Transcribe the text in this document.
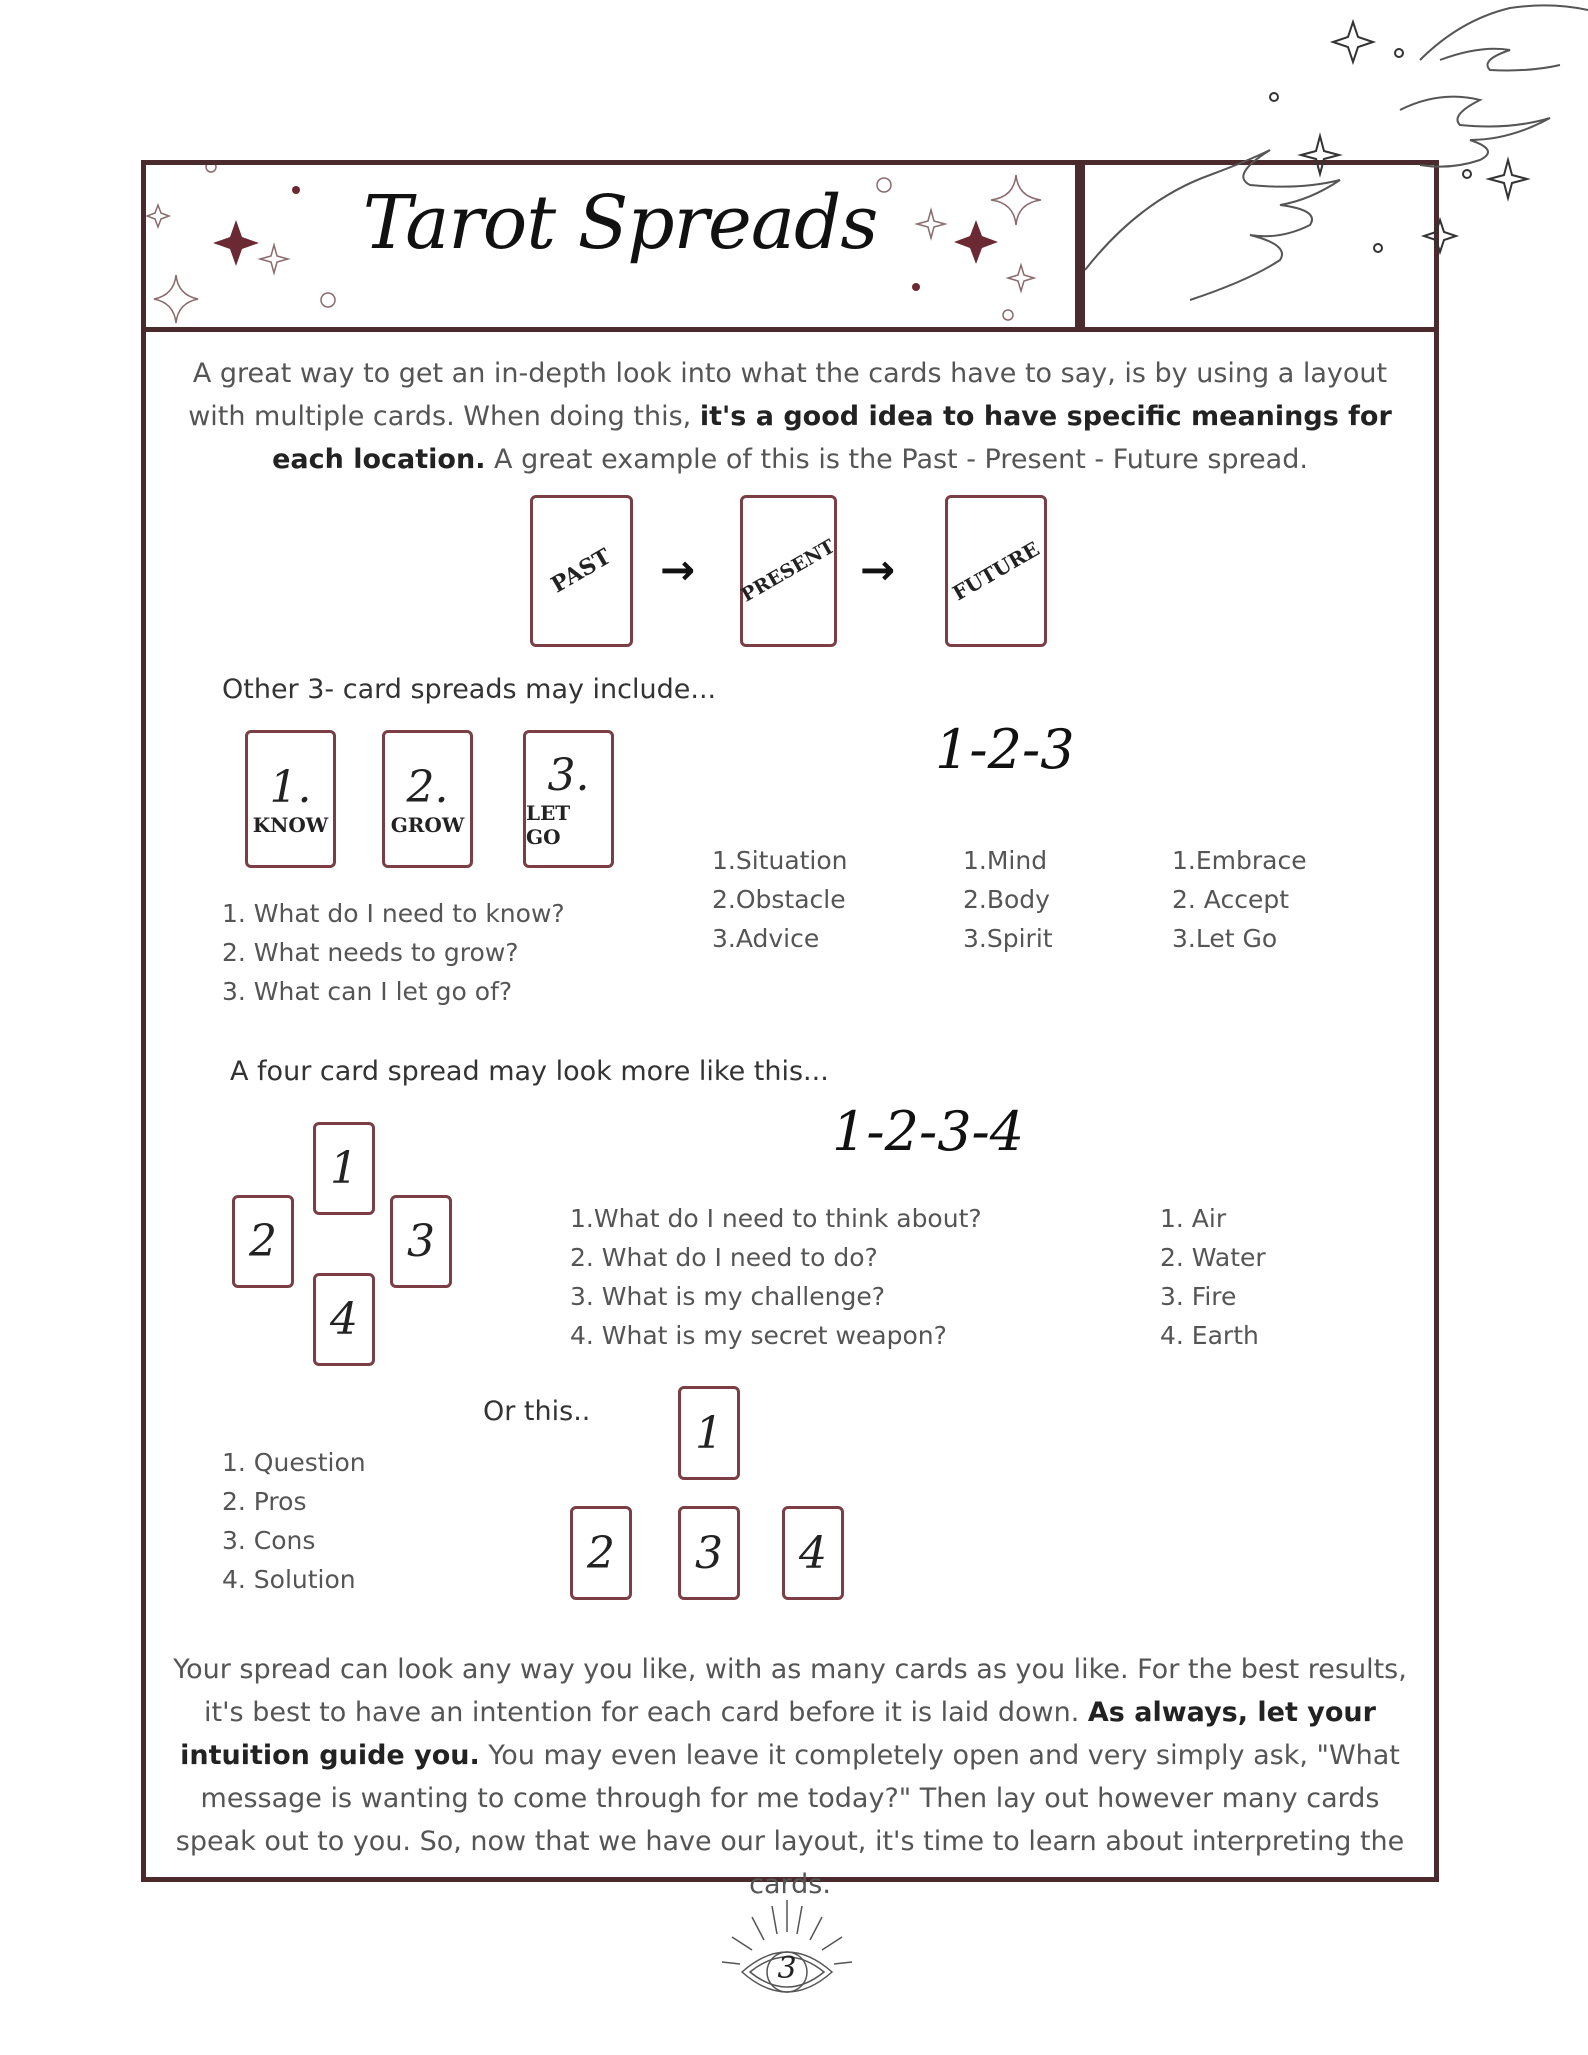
Tarot Spreads
A great way to get an in-depth look into what the cards have to say, is by using a layout with multiple cards. When doing this, it's a good idea to have specific meanings for each location. A great example of this is the Past - Present - Future spread.
PAST → PRESENT →	FUTURE
Other 3- card spreads may include...
1.
KNOW
2.
GROW
3.
LET GO
1. What do I need to know?
2. What needs to grow?
3. What can I let go of?
1-2-3
1.Situation
2.Obstacle
3.Advice
1.Mind
2.Body
3.Spirit
1.Embrace
2. Accept
3.Let Go
A four card spread may look more like this...
1-2-3-4
1
2	3
4
1.What do I need to think about?
2. What do I need to do?
3. What is my challenge?
4. What is my secret weapon?
1. Air
2. Water
3. Fire
4. Earth
Or this..
1. Question
2. Pros
3. Cons
4. Solution
1
2 3 4
Your spread can look any way you like, with as many cards as you like. For the best results, it's best to have an intention for each card before it is laid down. As always, let your intuition guide you. You may even leave it completely open and very simply ask, "What message is wanting to come through for me today?" Then lay out however many cards speak out to you. So, now that we have our layout, it's time to learn about interpreting the cards.
3
